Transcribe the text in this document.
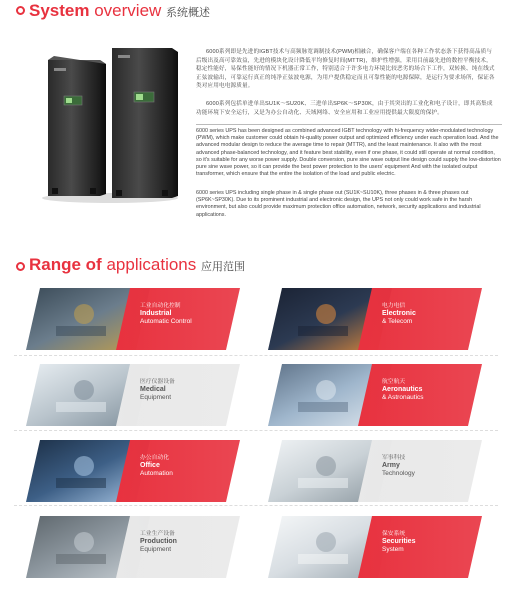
System overview 系统概述

6000系列即是先进的IGBT技术与高频脉宽调制技术(PWM)相融合，确保客户端在各种工作状态条下获得高品质与后级出及高可靠效益，先进的模块化设计降低平均修复时间(MTTR)，维护性增强，采用目前最先进的数控平衡技术，稳定性能好，易保性能好的情况下机器正常工作，特别适合于许多电力环境比较恶劣的场合下工作，双转换、纯在线式正弦波输出，可靠运行真正的纯净正弦波电源，为用户提供稳定而且可靠性能的电源保障，是运行为要求场所，保证各类对应用电电源质量。

6000系列包括单进单出SU1K～SU20K、三进单出SP6K～SP30K，由于其突出的工业化和电子设计，即其高集成功能环境下安全运行，又是为办公自动化、天域网络、安全应用和工业应用提供最大限度的保护。

6000 series UPS has been designed as combined advanced IGBT technology with hi-frequency wider-modulated technology (PWM), which make customer could obtain hi-quality power output and optimized efficiency under each operation load. And the advanced modular design to reduce the average time to repair (MTTR), and the least maintenance. It also with the most advanced phase-balanced technology, and it feature best stability, even if one phase, it could still operate at normal condition, so it's suitable for any worse power supply. Double conversion, pure sine wave output line design could supply the low-distortion pure sine wave power, so it can provide the best power protection to the users' equipment And with the isolated output transformer, which ensure that the entire the isolation of the load and public electric.

6000 series UPS including single phase in & single phase out (SU1K~SU10K), three phases in & three phases out (SP6K~SP30K). Due to its prominent industrial and electronic design, the UPS not only could work safe in the harsh environment, but also could provide maximum protection office automation, network, security applications and industrial applications.

Range of applications 应用范围
工业自动化控制
Industrial
Automatic Control
电力电信
Electronic
& Telecom
医疗仪器设备
Medical
Equipment
航空航天
Aeronautics
& Astronautics
办公自动化
Office
Automation
军事科技
Army
Technology
工业生产设备
Production
Equipment
保安系统
Securities
System
